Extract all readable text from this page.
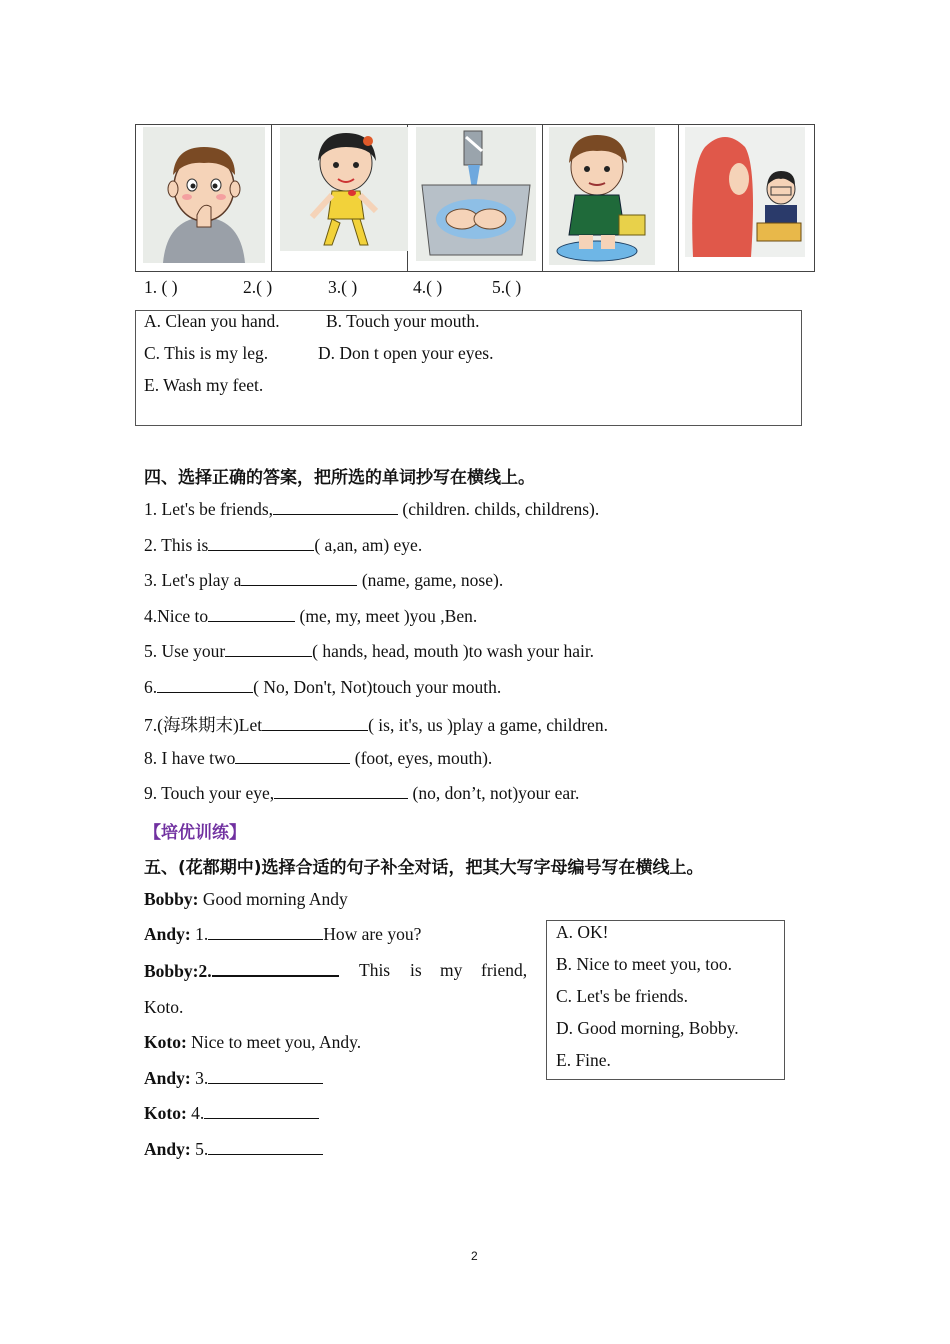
1. ( )	2.( )	3.( )	4.( )	5.( )
A. Clean you hand.	B. Touch your mouth.
C. This is my leg.	D. Don t open your eyes.
E. Wash my feet.
四、选择正确的答案，把所选的单词抄写在横线上。
1. Let's be friends,	(children. childs, childrens).
2. This is	( a,an, am) eye.
3. Let's play a	(name, game, nose).
4.Nice to	(me, my, meet )you ,Ben.
5. Use your	( hands, head, mouth )to wash your hair.
6.	( No, Don't, Not)touch your mouth.
7.(海珠期末)Let	( is, it's, us )play a game, children.
8. I have two	(foot, eyes, mouth).
9. Touch your eye,	(no, don’t, not)your ear.
【培优训练】
五、(花都期中)选择合适的句子补全对话，把其大写字母编号写在横线上。
Bobby: Good morning Andy
Andy: 1.	How are you?
Bobby:2.	This is my friend,
Koto.
Koto: Nice to meet you, Andy.
Andy: 3.
Koto: 4.
Andy: 5.
A. OK!
B. Nice to meet you, too.
C. Let's be friends.
D. Good morning, Bobby.
E. Fine.
2
